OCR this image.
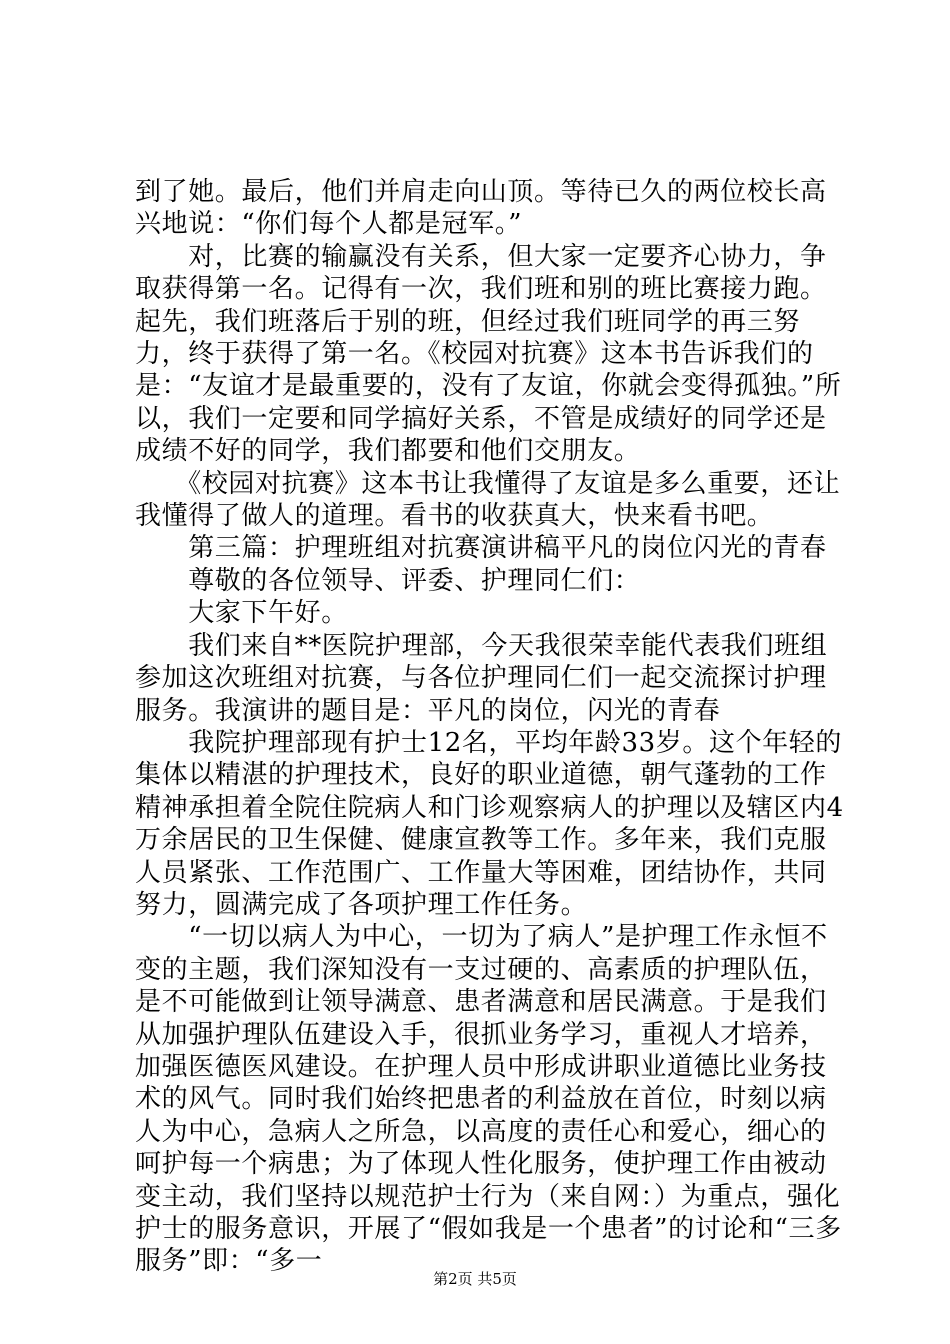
到了她。最后，他们并肩走向山顶。等待已久的两位校长高兴地说：“你们每个人都是冠军。”

　　对，比赛的输赢没有关系，但大家一定要齐心协力，争取获得第一名。记得有一次，我们班和别的班比赛接力跑。起先，我们班落后于别的班，但经过我们班同学的再三努力，终于获得了第一名。《校园对抗赛》这本书告诉我们的是：“友谊才是最重要的，没有了友谊，你就会变得孤独。”所以，我们一定要和同学搞好关系，不管是成绩好的同学还是成绩不好的同学，我们都要和他们交朋友。

　　《校园对抗赛》这本书让我懂得了友谊是多么重要，还让我懂得了做人的道理。看书的收获真大，快来看书吧。

　　第三篇：护理班组对抗赛演讲稿平凡的岗位闪光的青春

　　尊敬的各位领导、评委、护理同仁们：

　　大家下午好。

　　我们来自**医院护理部，今天我很荣幸能代表我们班组参加这次班组对抗赛，与各位护理同仁们一起交流探讨护理服务。我演讲的题目是：平凡的岗位，闪光的青春

　　我院护理部现有护士12名，平均年龄33岁。这个年轻的集体以精湛的护理技术，良好的职业道德，朝气蓬勃的工作精神承担着全院住院病人和门诊观察病人的护理以及辖区内4万余居民的卫生保健、健康宣教等工作。多年来，我们克服人员紧张、工作范围广、工作量大等困难，团结协作，共同努力，圆满完成了各项护理工作任务。

　　“一切以病人为中心，一切为了病人”是护理工作永恒不变的主题，我们深知没有一支过硬的、高素质的护理队伍，是不可能做到让领导满意、患者满意和居民满意。于是我们从加强护理队伍建设入手，很抓业务学习，重视人才培养，加强医德医风建设。在护理人员中形成讲职业道德比业务技术的风气。同时我们始终把患者的利益放在首位，时刻以病人为中心，急病人之所急，以高度的责任心和爱心，细心的呵护每一个病患；为了体现人性化服务，使护理工作由被动变主动，我们坚持以规范护士行为（来自网：）为重点，强化护士的服务意识，开展了“假如我是一个患者”的讨论和“三多服务”即：“多一

第2页 共5页
